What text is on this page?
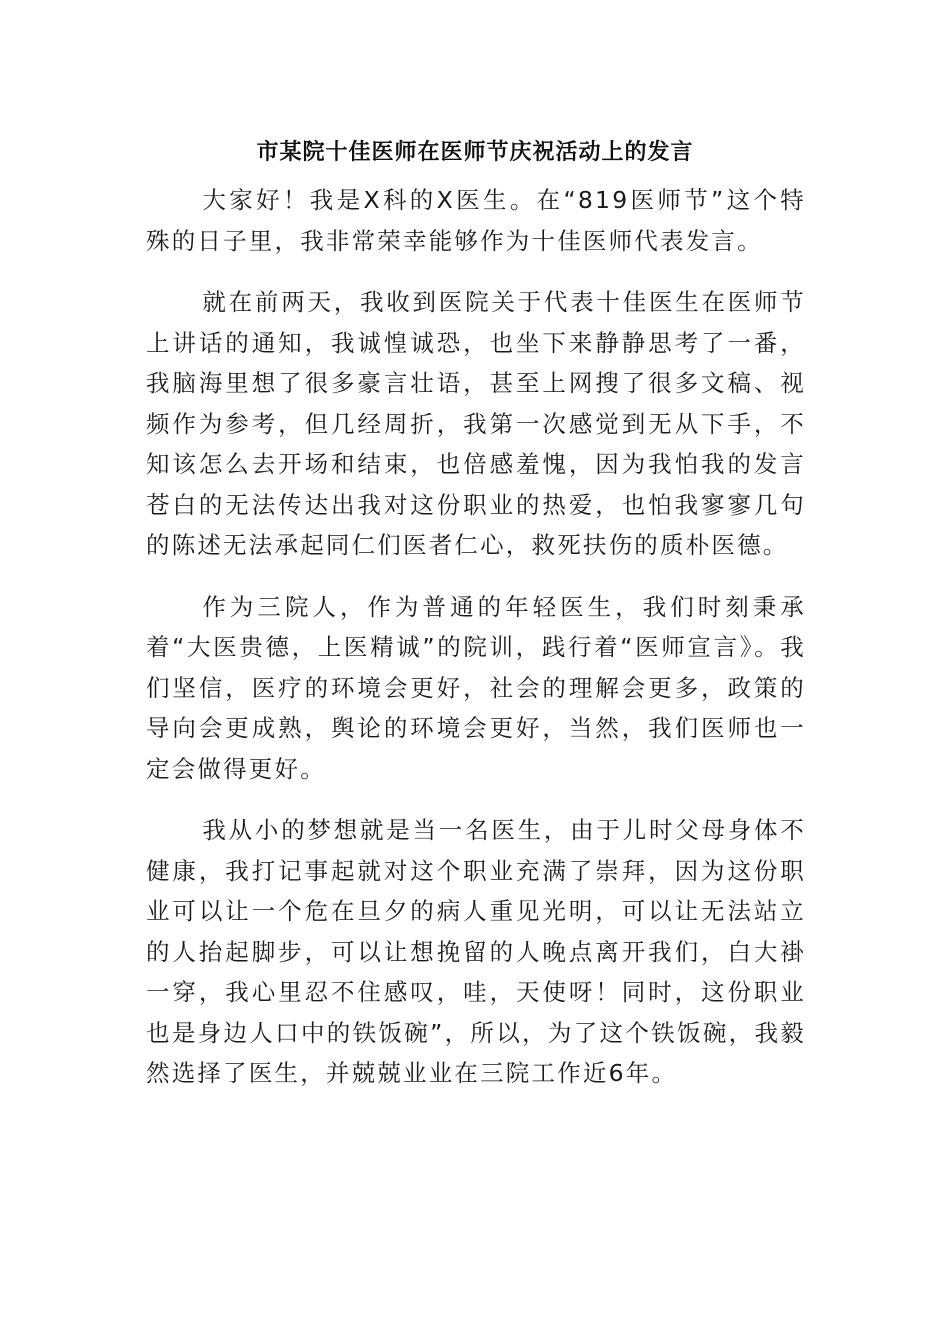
市某院十佳医师在医师节庆祝活动上的发言

大家好！我是X科的X医生。在“819医师节”这个特殊的日子里，我非常荣幸能够作为十佳医师代表发言。

就在前两天，我收到医院关于代表十佳医生在医师节上讲话的通知，我诚惶诚恐，也坐下来静静思考了一番，我脑海里想了很多豪言壮语，甚至上网搜了很多文稿、视频作为参考，但几经周折，我第一次感觉到无从下手，不知该怎么去开场和结束，也倍感羞愧，因为我怕我的发言苍白的无法传达出我对这份职业的热爱，也怕我寥寥几句的陈述无法承起同仁们医者仁心，救死扶伤的质朴医德。

作为三院人，作为普通的年轻医生，我们时刻秉承着“大医贵德，上医精诚”的院训，践行着“医师宣言》。我们坚信，医疗的环境会更好，社会的理解会更多，政策的导向会更成熟，舆论的环境会更好，当然，我们医师也一定会做得更好。

我从小的梦想就是当一名医生，由于儿时父母身体不健康，我打记事起就对这个职业充满了崇拜，因为这份职业可以让一个危在旦夕的病人重见光明，可以让无法站立的人抬起脚步，可以让想挽留的人晚点离开我们，白大褂一穿，我心里忍不住感叹，哇，天使呀！同时，这份职业也是身边人口中的铁饭碗”，所以，为了这个铁饭碗，我毅然选择了医生，并兢兢业业在三院工作近6年。
